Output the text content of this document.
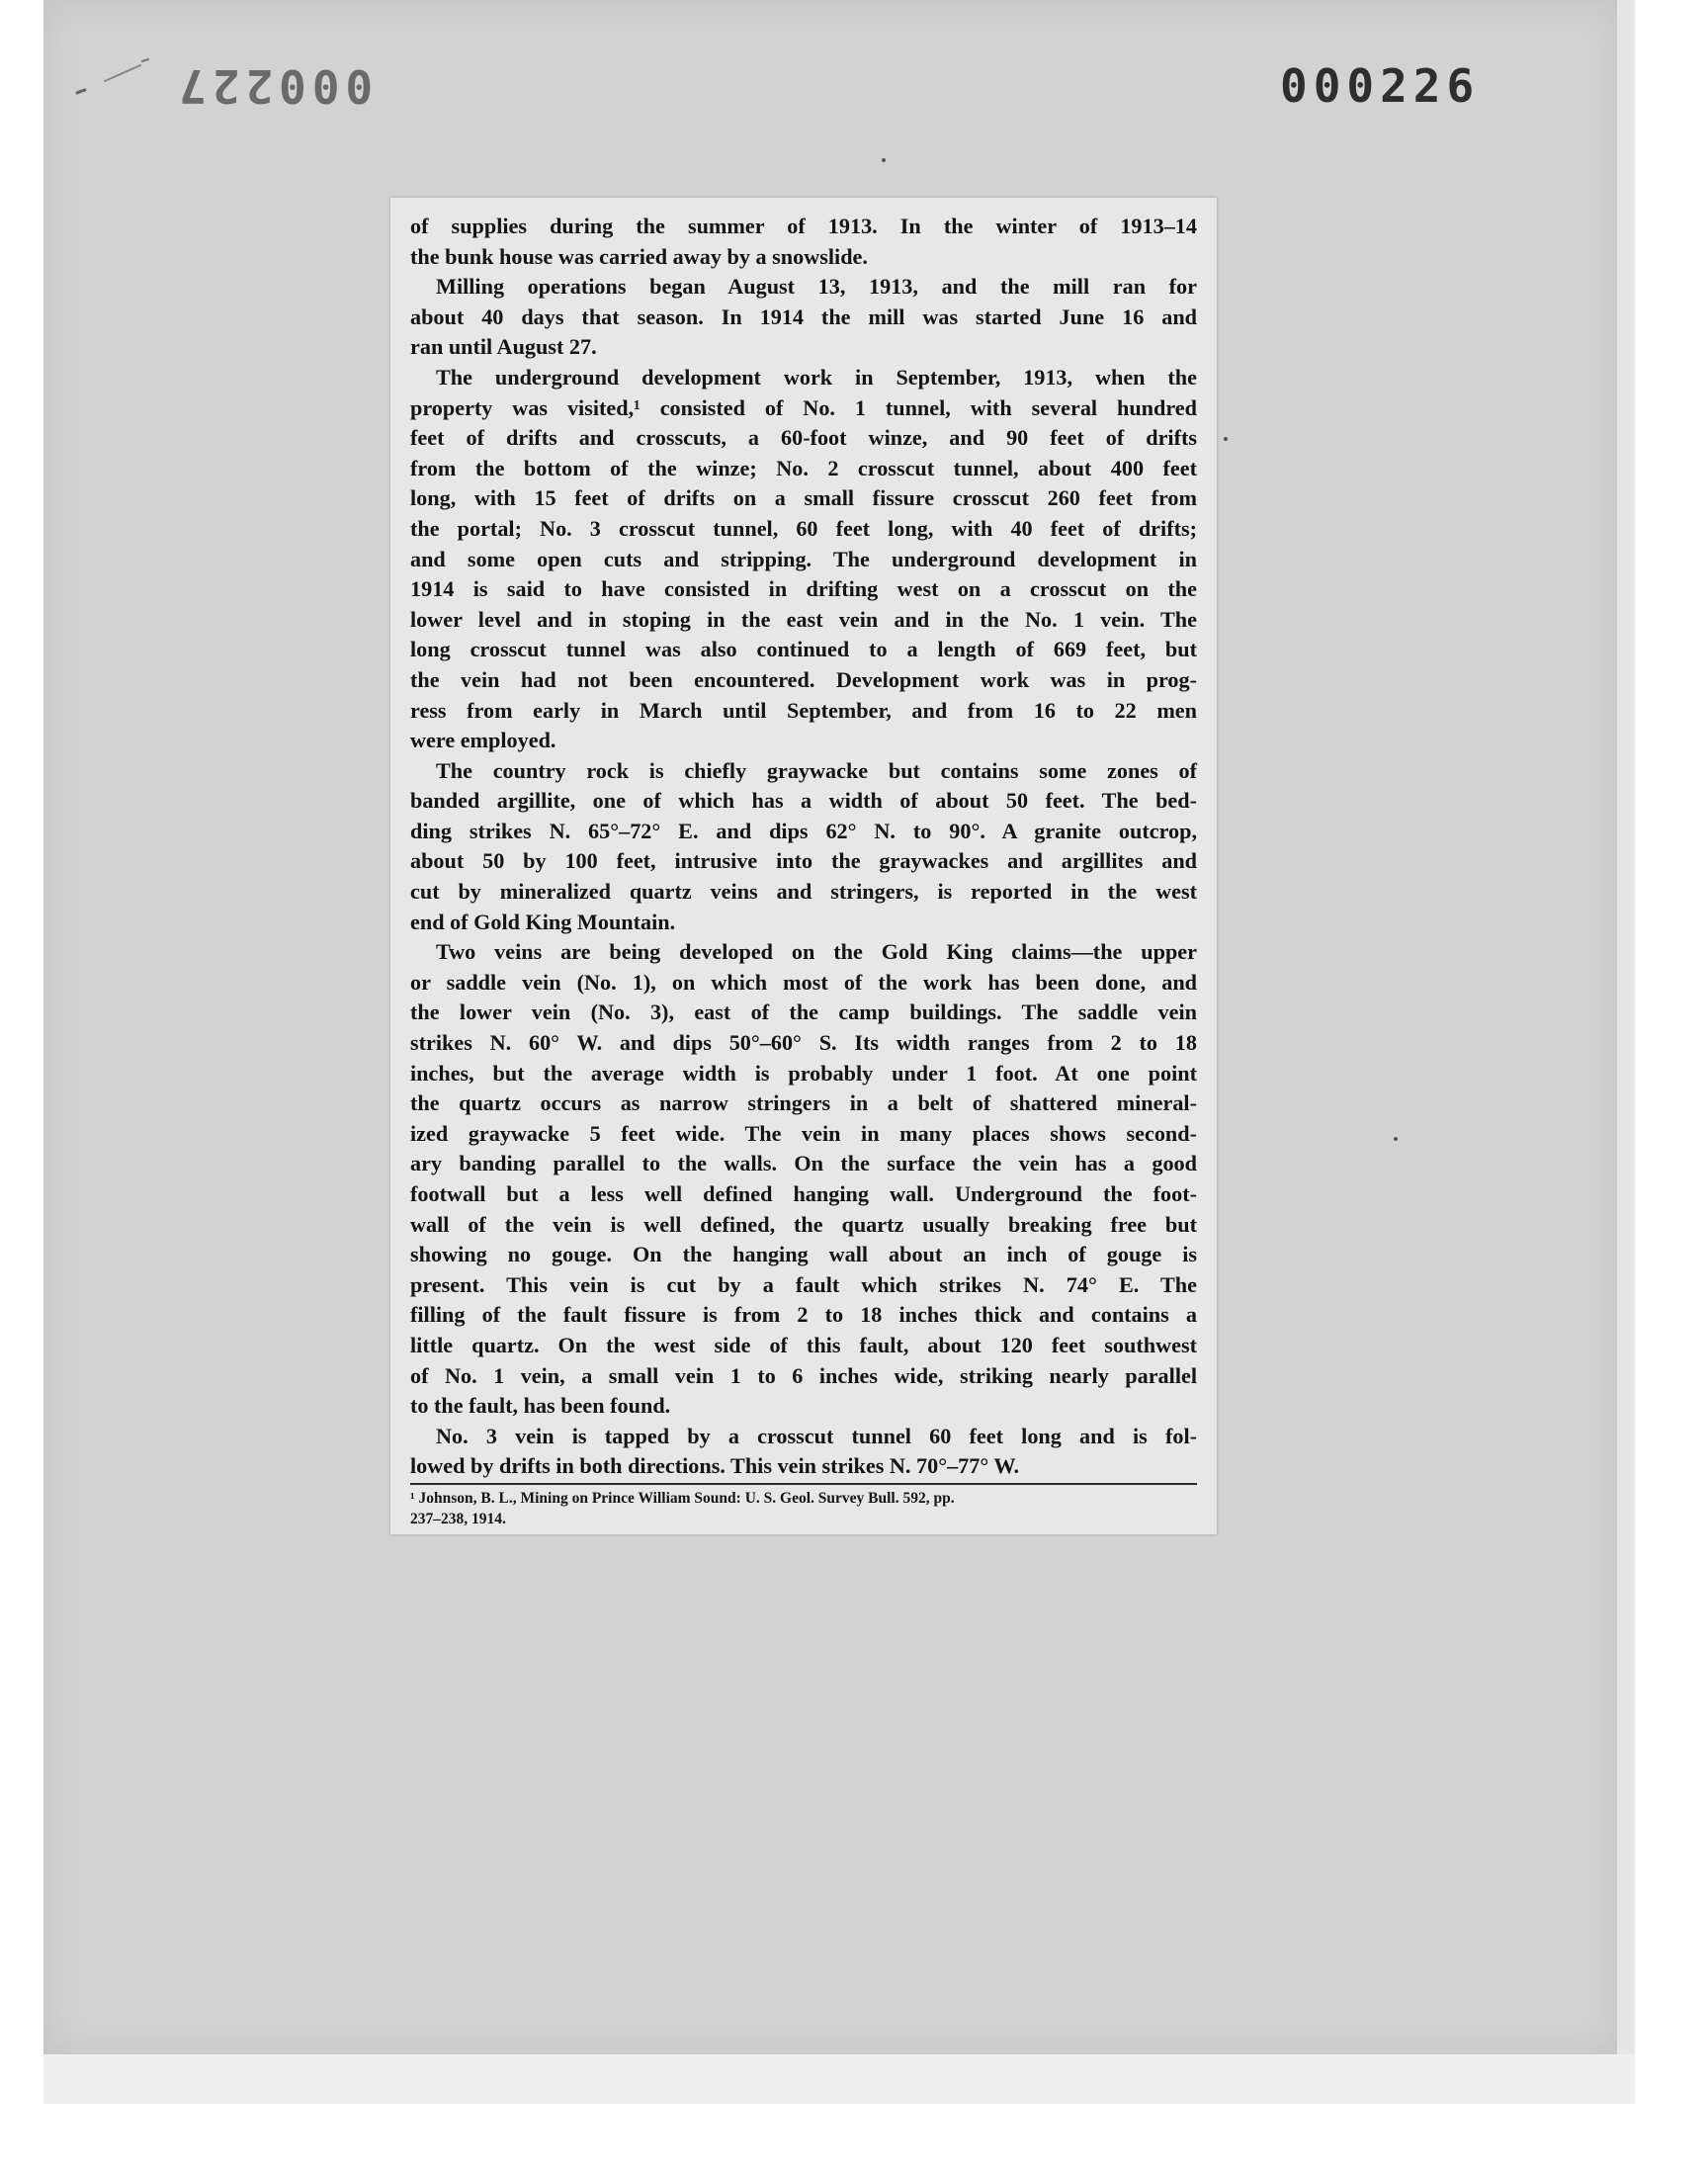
000227	000226

of supplies during the summer of 1913. In the winter of 1913–14

the bunk house was carried away by a snowslide.

Milling operations began August 13, 1913, and the mill ran for

about 40 days that season. In 1914 the mill was started June 16 and

ran until August 27.

The underground development work in September, 1913, when the

property was visited,¹ consisted of No. 1 tunnel, with several hundred

feet of drifts and crosscuts, a 60-foot winze, and 90 feet of drifts

from the bottom of the winze; No. 2 crosscut tunnel, about 400 feet

long, with 15 feet of drifts on a small fissure crosscut 260 feet from

the portal; No. 3 crosscut tunnel, 60 feet long, with 40 feet of drifts;

and some open cuts and stripping. The underground development in

1914 is said to have consisted in drifting west on a crosscut on the

lower level and in stoping in the east vein and in the No. 1 vein. The

long crosscut tunnel was also continued to a length of 669 feet, but

the vein had not been encountered. Development work was in prog-

ress from early in March until September, and from 16 to 22 men

were employed.

The country rock is chiefly graywacke but contains some zones of

banded argillite, one of which has a width of about 50 feet. The bed-

ding strikes N. 65°–72° E. and dips 62° N. to 90°. A granite outcrop,

about 50 by 100 feet, intrusive into the graywackes and argillites and

cut by mineralized quartz veins and stringers, is reported in the west

end of Gold King Mountain.

Two veins are being developed on the Gold King claims—the upper

or saddle vein (No. 1), on which most of the work has been done, and

the lower vein (No. 3), east of the camp buildings. The saddle vein

strikes N. 60° W. and dips 50°–60° S. Its width ranges from 2 to 18

inches, but the average width is probably under 1 foot. At one point

the quartz occurs as narrow stringers in a belt of shattered mineral-

ized graywacke 5 feet wide. The vein in many places shows second-

ary banding parallel to the walls. On the surface the vein has a good

footwall but a less well defined hanging wall. Underground the foot-

wall of the vein is well defined, the quartz usually breaking free but

showing no gouge. On the hanging wall about an inch of gouge is

present. This vein is cut by a fault which strikes N. 74° E. The

filling of the fault fissure is from 2 to 18 inches thick and contains a

little quartz. On the west side of this fault, about 120 feet southwest

of No. 1 vein, a small vein 1 to 6 inches wide, striking nearly parallel

to the fault, has been found.

No. 3 vein is tapped by a crosscut tunnel 60 feet long and is fol-

lowed by drifts in both directions. This vein strikes N. 70°–77° W.

¹ Johnson, B. L., Mining on Prince William Sound: U. S. Geol. Survey Bull. 592, pp.
237–238, 1914.
